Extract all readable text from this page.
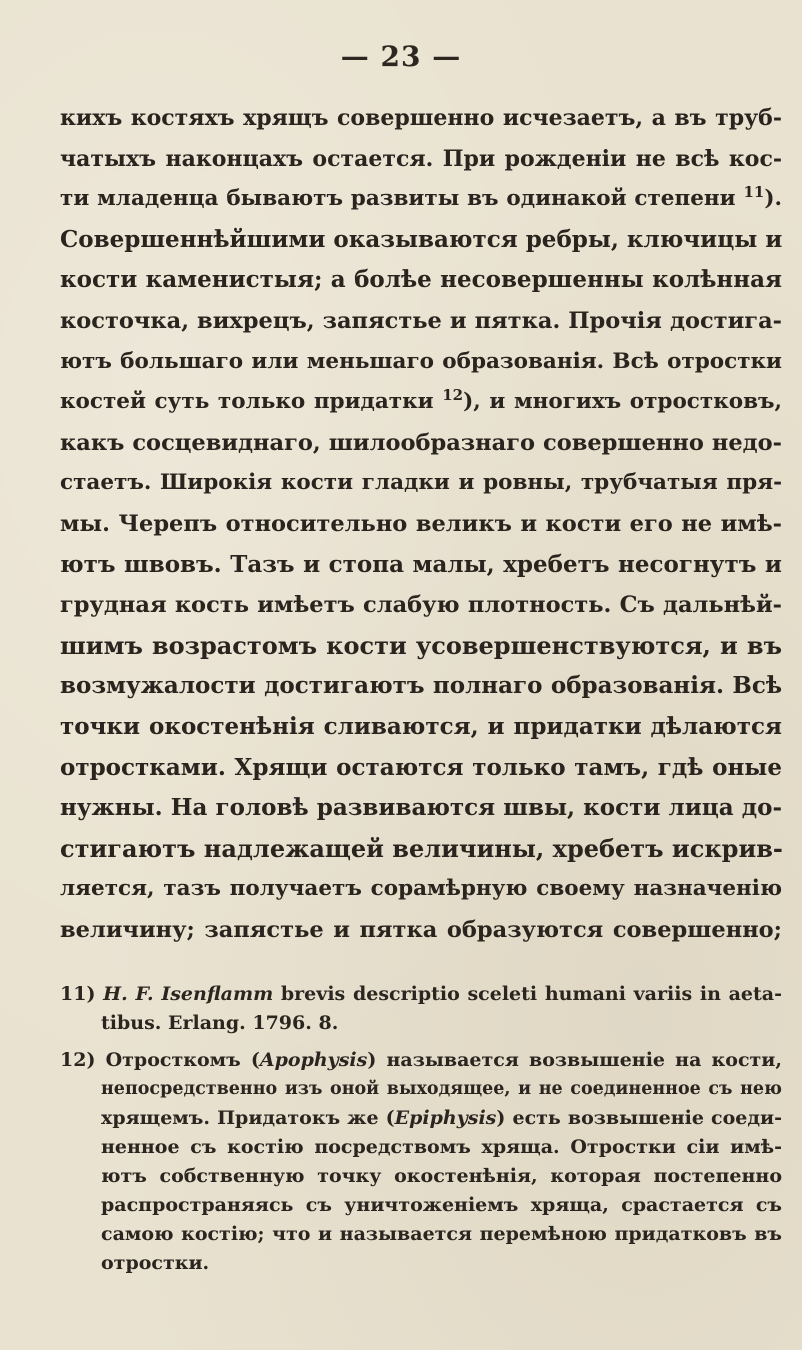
— 23 —
кихъ костяхъ хрящъ совершенно исчезаетъ, а въ труб-
чатыхъ наконцахъ остается. При рожденіи не всѣ кос-
ти младенца бываютъ развиты въ одинакой степени $^{11}$).
Совершеннѣйшими оказываются ребры, ключицы и
кости каменистыя; а болѣе несовершенны колѣнная
косточка, вихрецъ, запястье и пятка. Прочія достига-
ютъ большаго или меньшаго образованія. Всѣ отростки
костей суть только придатки $^{12}$), и многихъ отростковъ,
какъ сосцевиднаго, шилообразнаго совершенно недо-
стаетъ. Широкія кости гладки и ровны, трубчатыя пря-
мы. Черепъ относительно великъ и кости его не имѣ-
ютъ швовъ. Тазъ и стопа малы, хребетъ несогнутъ и
грудная кость имѣетъ слабую плотность. Съ дальнѣй-
шимъ возрастомъ кости усовершенствуются, и въ
возмужалости достигаютъ полнаго образованія. Всѣ
точки окостенѣнія сливаются, и придатки дѣлаются
отростками. Хрящи остаются только тамъ, гдѣ оные
нужны. На головѣ развиваются швы, кости лица до-
стигаютъ надлежащей величины, хребетъ искрив-
ляется, тазъ получаетъ сорамѣрную своему назначенію
величину; запястье и пятка образуются совершенно;
11) H. F. Isenflamm brevis descriptio sceleti humani variis in aeta-
tibus. Erlang. 1796. 8.
12) Отросткомъ (Apophysis) называется возвышеніе на кости,
непосредственно изъ оной выходящее, и не соединенное съ нею
хрящемъ. Придатокъ же (Epiphysis) есть возвышеніе соеди-
ненное съ костію посредствомъ хряща. Отростки сіи имѣ-
ютъ собственную точку окостенѣнія, которая постепенно
распространяясь съ уничтоженіемъ хряща, срастается съ
самою костію; что и называется перемѣною придатковъ въ
отростки.
